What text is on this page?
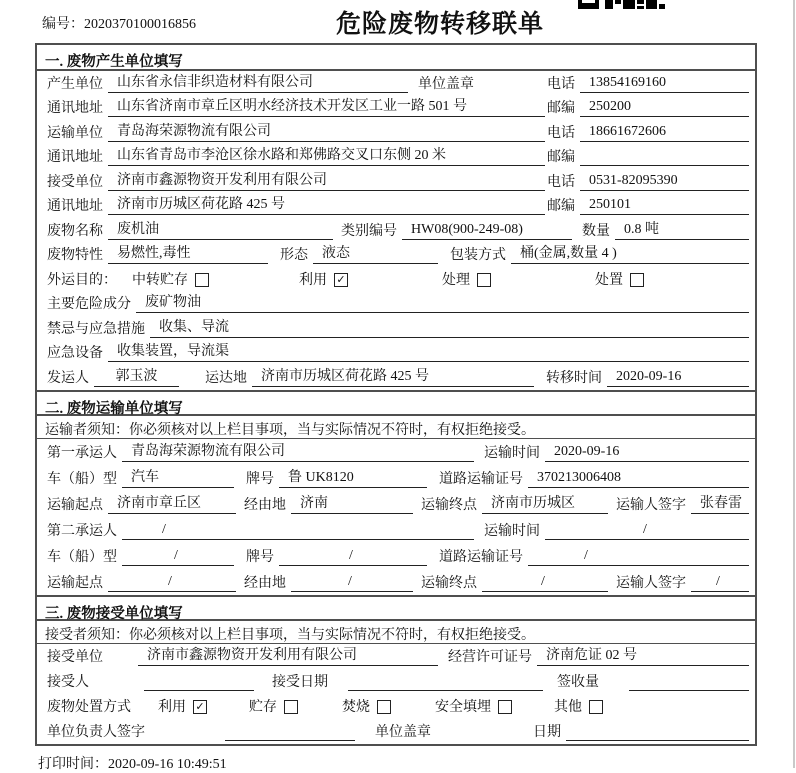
编号：2020370100016856	危险废物转移联单
一. 废物产生单位填写
产生单位	山东省永信非织造材料有限公司	单位盖章	电话	13854169160
通讯地址	山东省济南市章丘区明水经济技术开发区工业一路 501 号	邮编	250200
运输单位	青岛海荣源物流有限公司	电话	18661672606
通讯地址	山东省青岛市李沧区徐水路和郑佛路交叉口东侧 20 米	邮编
接受单位	济南市鑫源物资开发利用有限公司	电话	0531-82095390
通讯地址	济南市历城区荷花路 425 号	邮编	250101
废物名称	废机油	类别编号	HW08(900-249-08)	数量	0.8 吨
废物特性	易燃性,毒性	形态	液态	包装方式	桶(金属,数量 4 )
外运目的：	中转贮存	利用 ✓	处理	处置
主要危险成分	废矿物油
禁忌与应急措施	收集、导流
应急设备	收集装置，导流渠
发运人	郭玉波	运达地	济南市历城区荷花路 425 号	转移时间	2020-09-16
二. 废物运输单位填写
运输者须知：你必须核对以上栏目事项，当与实际情况不符时，有权拒绝接受。
第一承运人	青岛海荣源物流有限公司	运输时间	2020-09-16
车（船）型	汽车	牌号	鲁 UK8120	道路运输证号	370213006408
运输起点	济南市章丘区	经由地	济南	运输终点	济南市历城区	运输人签字	张春雷
第二承运人	/	运输时间	/
车（船）型	/	牌号	/	道路运输证号	/
运输起点	/	经由地	/	运输终点	/	运输人签字	/
三. 废物接受单位填写
接受者须知：你必须核对以上栏目事项，当与实际情况不符时，有权拒绝接受。
接受单位	济南市鑫源物资开发利用有限公司	经营许可证号	济南危证 02 号
接受人	接受日期	签收量
废物处置方式	利用 ✓	贮存	焚烧	安全填埋	其他
单位负责人签字	单位盖章	日期
打印时间：2020-09-16 10:49:51
